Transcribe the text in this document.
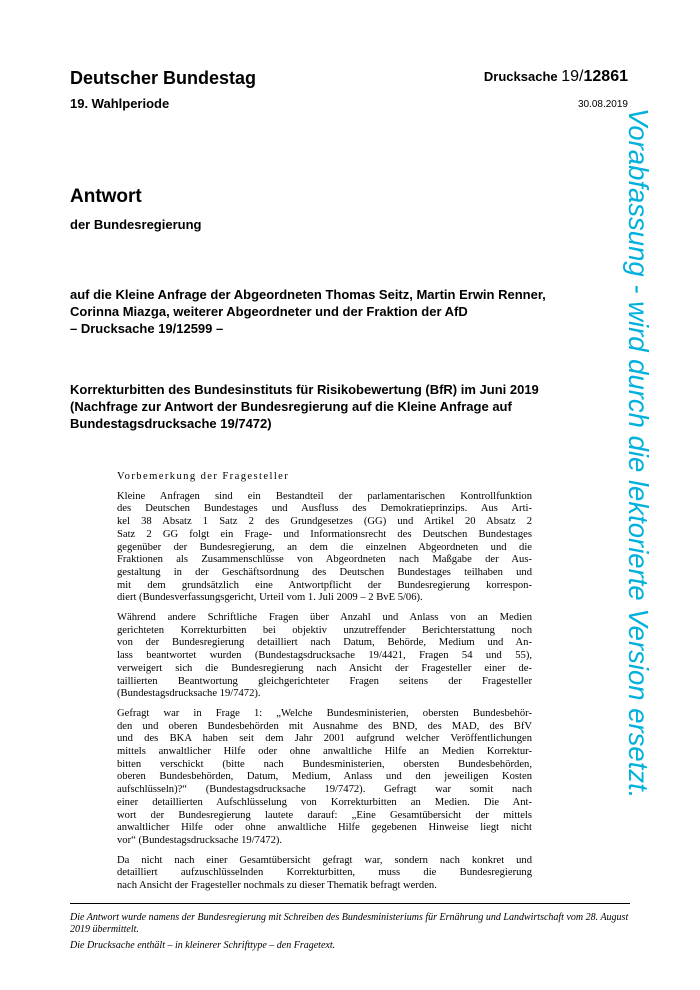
Deutscher Bundestag
19. Wahlperiode
Drucksache 19/12861
30.08.2019
Antwort
der Bundesregierung
auf die Kleine Anfrage der Abgeordneten Thomas Seitz, Martin Erwin Renner,
Corinna Miazga, weiterer Abgeordneter und der Fraktion der AfD
– Drucksache 19/12599 –
Korrekturbitten des Bundesinstituts für Risikobewertung (BfR) im Juni 2019
(Nachfrage zur Antwort der Bundesregierung auf die Kleine Anfrage auf
Bundestagsdrucksache 19/7472)
Vorbemerkung der Fragesteller

Kleine Anfragen sind ein Bestandteil der parlamentarischen Kontrollfunktion
des Deutschen Bundestages und Ausfluss des Demokratieprinzips. Aus Arti-
kel 38 Absatz 1 Satz 2 des Grundgesetzes (GG) und Artikel 20 Absatz 2
Satz 2 GG folgt ein Frage- und Informationsrecht des Deutschen Bundestages
gegenüber der Bundesregierung, an dem die einzelnen Abgeordneten und die
Fraktionen als Zusammenschlüsse von Abgeordneten nach Maßgabe der Aus-
gestaltung in der Geschäftsordnung des Deutschen Bundestages teilhaben und
mit dem grundsätzlich eine Antwortpflicht der Bundesregierung korrespon-
diert (Bundesverfassungsgericht, Urteil vom 1. Juli 2009 – 2 BvE 5/06).

Während andere Schriftliche Fragen über Anzahl und Anlass von an Medien
gerichteten Korrekturbitten bei objektiv unzutreffender Berichterstattung noch
von der Bundesregierung detailliert nach Datum, Behörde, Medium und An-
lass beantwortet wurden (Bundestagsdrucksache 19/4421, Fragen 54 und 55),
verweigert sich die Bundesregierung nach Ansicht der Fragesteller einer de-
taillierten Beantwortung gleichgerichteter Fragen seitens der Fragesteller
(Bundestagsdrucksache 19/7472).

Gefragt war in Frage 1: „Welche Bundesministerien, obersten Bundesbehör-
den und oberen Bundesbehörden mit Ausnahme des BND, des MAD, des BfV
und des BKA haben seit dem Jahr 2001 aufgrund welcher Veröffentlichungen
mittels anwaltlicher Hilfe oder ohne anwaltliche Hilfe an Medien Korrektur-
bitten verschickt (bitte nach Bundesministerien, obersten Bundesbehörden,
oberen Bundesbehörden, Datum, Medium, Anlass und den jeweiligen Kosten
aufschlüsseln)?“ (Bundestagsdrucksache 19/7472). Gefragt war somit nach
einer detaillierten Aufschlüsselung von Korrekturbitten an Medien. Die Ant-
wort der Bundesregierung lautete darauf: „Eine Gesamtübersicht der mittels
anwaltlicher Hilfe oder ohne anwaltliche Hilfe gegebenen Hinweise liegt nicht
vor“ (Bundestagsdrucksache 19/7472).

Da nicht nach einer Gesamtübersicht gefragt war, sondern nach konkret und
detailliert aufzuschlüsselnden Korrekturbitten, muss die Bundesregierung
nach Ansicht der Fragesteller nochmals zu dieser Thematik befragt werden.

Die Antwort wurde namens der Bundesregierung mit Schreiben des Bundesministeriums für Ernährung und Landwirtschaft vom 28. August 2019 übermittelt.

Die Drucksache enthält – in kleinerer Schrifttype – den Fragetext.

Vorabfassung - wird durch die lektorierte Version ersetzt.
